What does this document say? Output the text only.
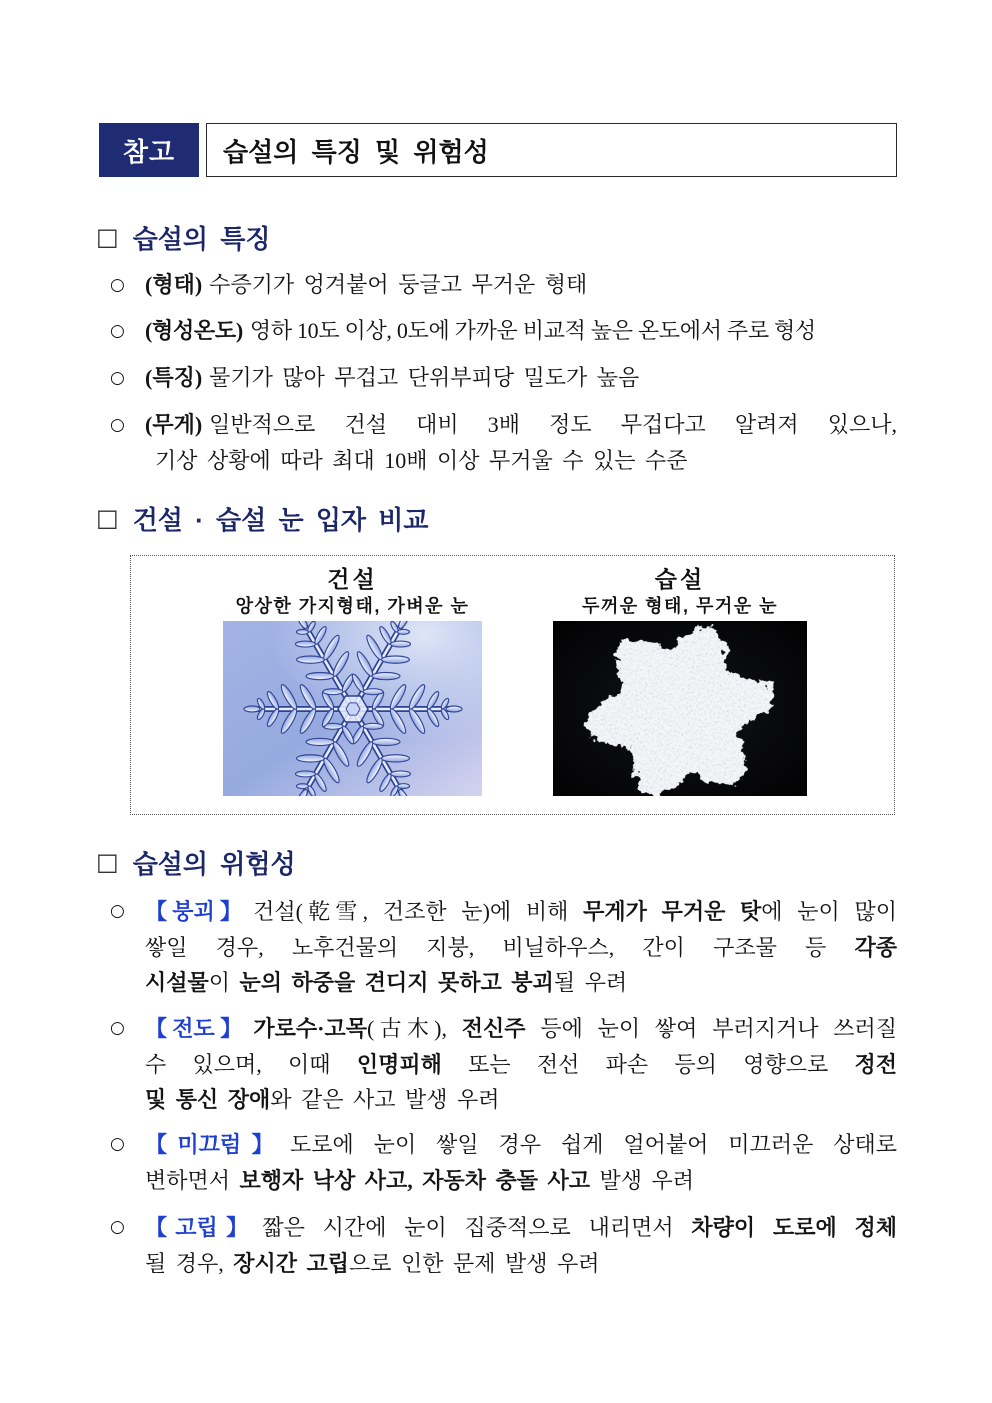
참고	습설의 특징 및 위험성
□ 습설의 특징
○ (형태) 수증기가 엉겨붙어 둥글고 무거운 형태
○ (형성온도) 영하 10도 이상, 0도에 가까운 비교적 높은 온도에서 주로 형성
○ (특징) 물기가 많아 무겁고 단위부피당 밀도가 높음
○ (무게) 일반적으로 건설 대비 3배 정도 무겁다고 알려져 있으나,
기상 상황에 따라 최대 10배 이상 무거울 수 있는 수준
□ 건설 · 습설 눈 입자 비교
건설
앙상한 가지형태, 가벼운 눈
습설
두꺼운 형태, 무거운 눈
□ 습설의 위험성
○ 【붕괴】 건설(乾雪, 건조한 눈)에 비해 무게가 무거운 탓에 눈이 많이
쌓일 경우, 노후건물의 지붕, 비닐하우스, 간이 구조물 등 각종
시설물이 눈의 하중을 견디지 못하고 붕괴될 우려
○ 【전도】 가로수·고목(古木), 전신주 등에 눈이 쌓여 부러지거나 쓰러질
수 있으며, 이때 인명피해 또는 전선 파손 등의 영향으로 정전
및 통신 장애와 같은 사고 발생 우려
○ 【미끄럼】 도로에 눈이 쌓일 경우 쉽게 얼어붙어 미끄러운 상태로
변하면서 보행자 낙상 사고, 자동차 충돌 사고 발생 우려
○ 【고립】 짧은 시간에 눈이 집중적으로 내리면서 차량이 도로에 정체
될 경우, 장시간 고립으로 인한 문제 발생 우려
